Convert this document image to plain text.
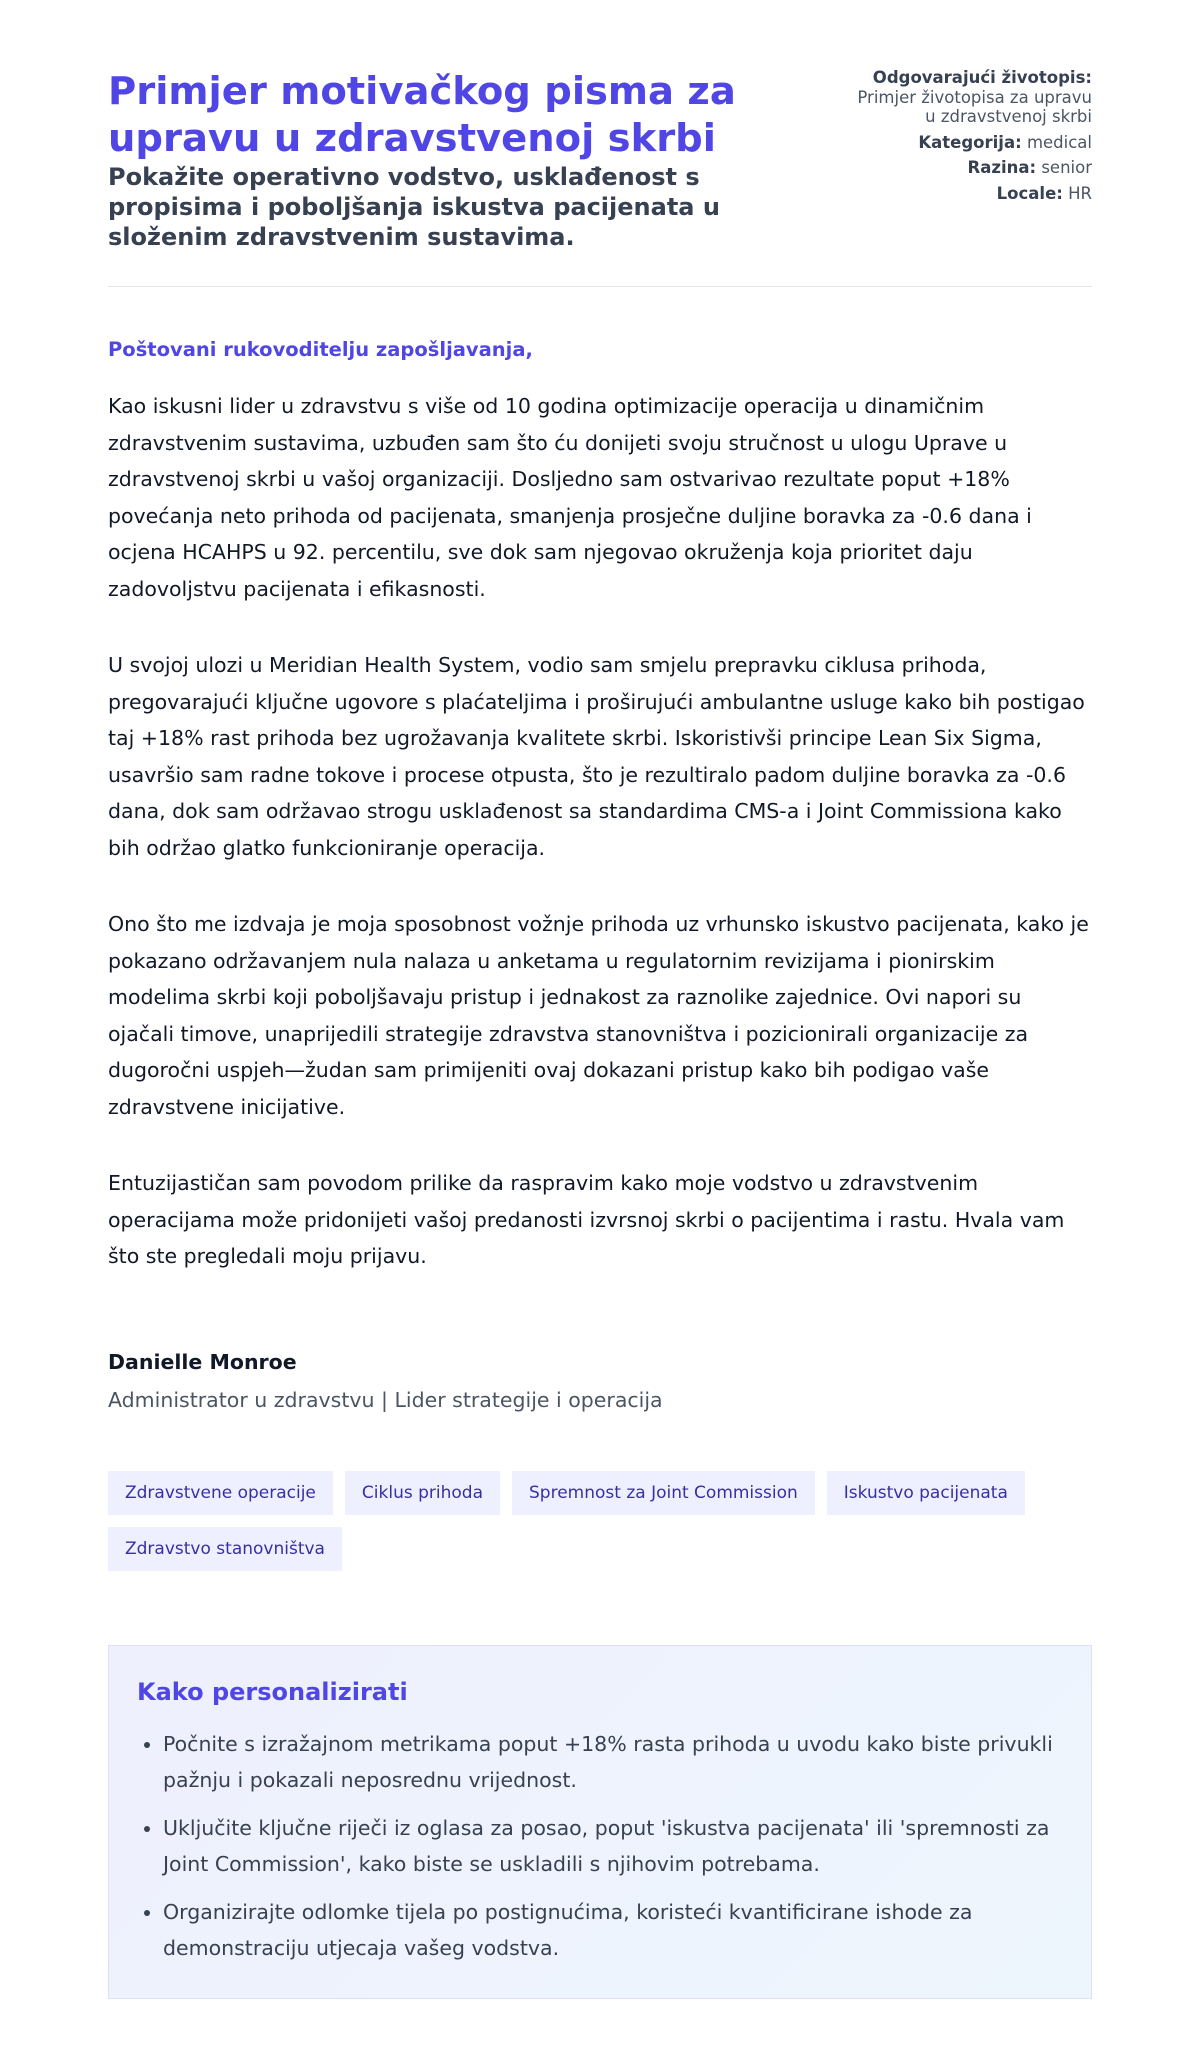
Primjer motivačkog pisma za upravu u zdravstvenoj skrbi
Pokažite operativno vodstvo, usklađenost s propisima i poboljšanja iskustva pacijenata u složenim zdravstvenim sustavima.
Odgovarajući životopis:
Primjer životopisa za upravu u zdravstvenoj skrbi
Kategorija: medical
Razina: senior
Locale: HR

Poštovani rukovoditelju zapošljavanja,

Kao iskusni lider u zdravstvu s više od 10 godina optimizacije operacija u dinamičnim zdravstvenim sustavima, uzbuđen sam što ću donijeti svoju stručnost u ulogu Uprave u zdravstvenoj skrbi u vašoj organizaciji. Dosljedno sam ostvarivao rezultate poput +18% povećanja neto prihoda od pacijenata, smanjenja prosječne duljine boravka za -0.6 dana i ocjena HCAHPS u 92. percentilu, sve dok sam njegovao okruženja koja prioritet daju zadovoljstvu pacijenata i efikasnosti.

U svojoj ulozi u Meridian Health System, vodio sam smjelu prepravku ciklusa prihoda, pregovarajući ključne ugovore s plaćateljima i proširujući ambulantne usluge kako bih postigao taj +18% rast prihoda bez ugrožavanja kvalitete skrbi. Iskoristivši principe Lean Six Sigma, usavršio sam radne tokove i procese otpusta, što je rezultiralo padom duljine boravka za -0.6 dana, dok sam održavao strogu usklađenost sa standardima CMS-a i Joint Commissiona kako bih održao glatko funkcioniranje operacija.

Ono što me izdvaja je moja sposobnost vožnje prihoda uz vrhunsko iskustvo pacijenata, kako je pokazano održavanjem nula nalaza u anketama u regulatornim revizijama i pionirskim modelima skrbi koji poboljšavaju pristup i jednakost za raznolike zajednice. Ovi napori su ojačali timove, unaprijedili strategije zdravstva stanovništva i pozicionirali organizacije za dugoročni uspjeh—žudan sam primijeniti ovaj dokazani pristup kako bih podigao vaše zdravstvene inicijative.

Entuzijastičan sam povodom prilike da raspravim kako moje vodstvo u zdravstvenim operacijama može pridonijeti vašoj predanosti izvrsnoj skrbi o pacijentima i rastu. Hvala vam što ste pregledali moju prijavu.

Danielle Monroe

Administrator u zdravstvu | Lider strategije i operacija

Zdravstvene operacije	Ciklus prihoda	Spremnost za Joint Commission	Iskustvo pacijenata
Zdravstvo stanovništva
Kako personalizirati
• Počnite s izražajnom metrikama poput +18% rasta prihoda u uvodu kako biste privukli pažnju i pokazali neposrednu vrijednost.
• Uključite ključne riječi iz oglasa za posao, poput 'iskustva pacijenata' ili 'spremnosti za Joint Commission', kako biste se uskladili s njihovim potrebama.
• Organizirajte odlomke tijela po postignućima, koristeći kvantificirane ishode za demonstraciju utjecaja vašeg vodstva.
